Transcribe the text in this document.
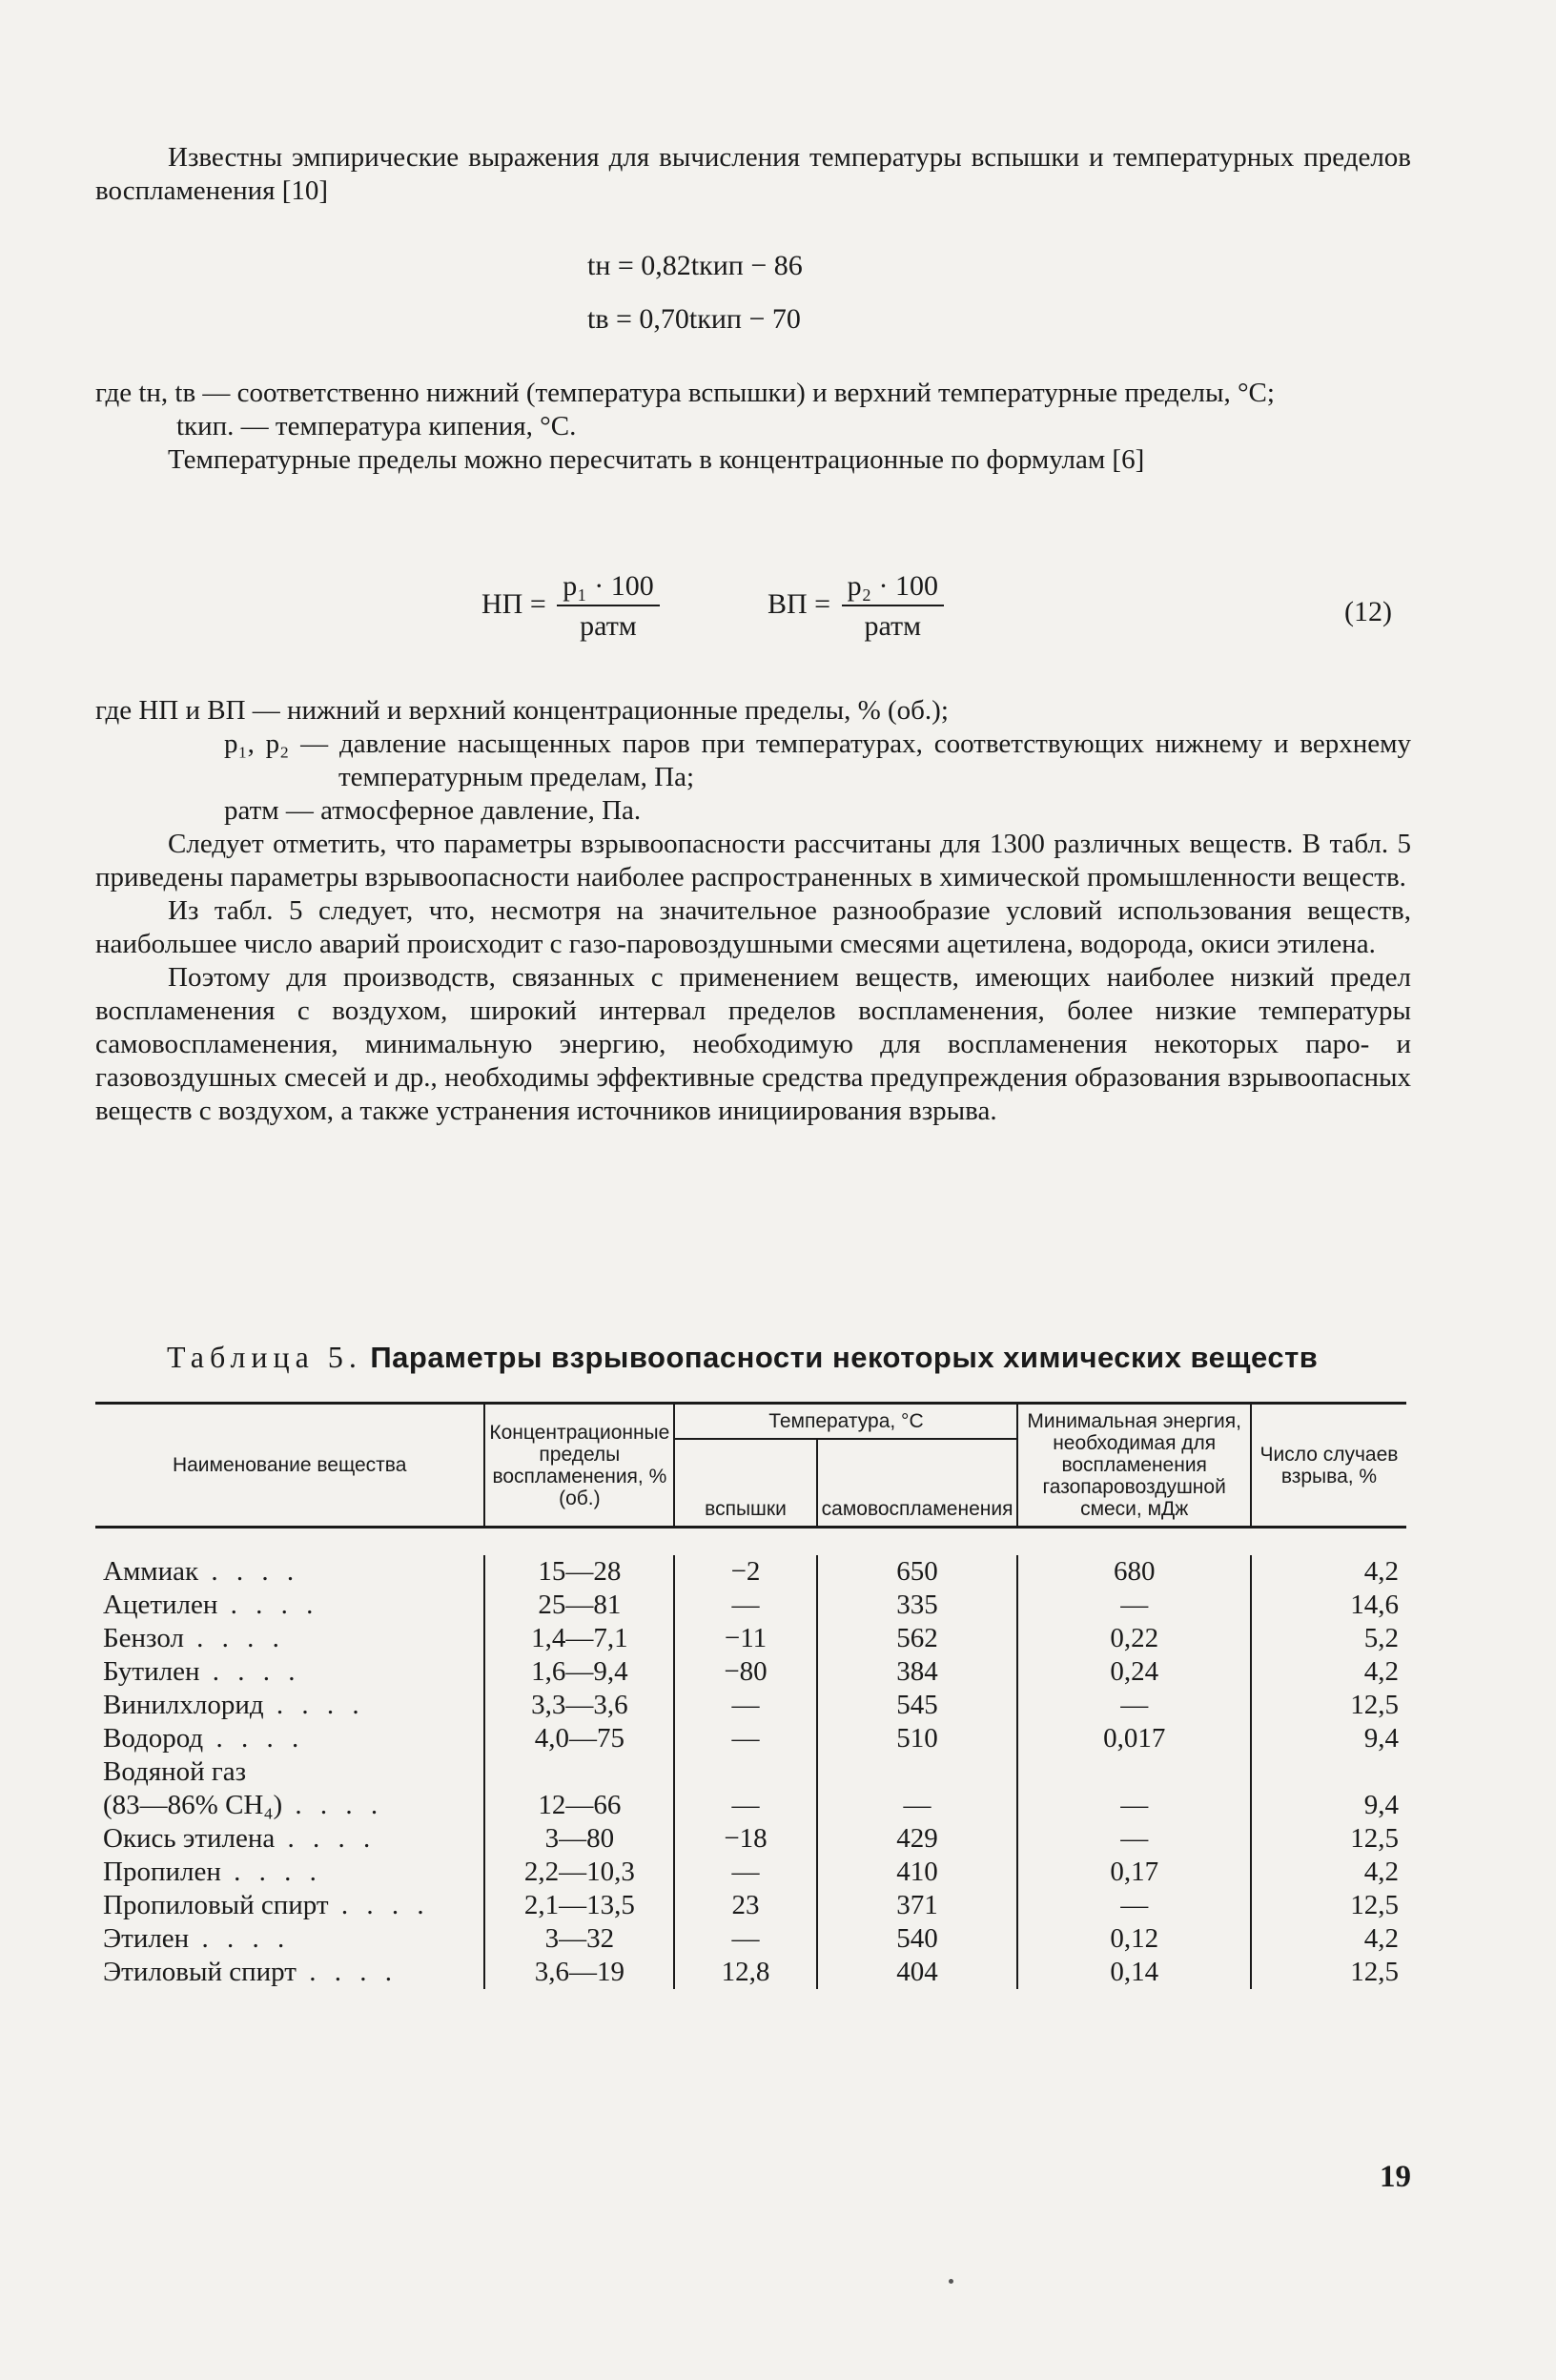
Известны эмпирические выражения для вычисления температуры вспышки и температурных пределов воспламенения [10]

tн = 0,82tкип − 86
tв = 0,70tкип − 70

где tн, tв — соответственно нижний (температура вспышки) и верхний температурные пределы, °С;

tкип. — температура кипения, °С.

Температурные пределы можно пересчитать в концентрационные по формулам [6]

НП = $\frac{\text{p₁ · 100}}{\text{pатм}}$	ВП = $\frac{\text{p₂ · 100}}{\text{pатм}}$	(12)

где НП и ВП — нижний и верхний концентрационные пределы, % (об.);

p₁, p₂ — давление насыщенных паров при температурах, соответствующих нижнему и верхнему температурным пределам, Па;

pатм — атмосферное давление, Па.

Следует отметить, что параметры взрывоопасности рассчитаны для 1300 различных веществ. В табл. 5 приведены параметры взрывоопасности наиболее распространенных в химической промышленности веществ.

Из табл. 5 следует, что, несмотря на значительное разнообразие условий использования веществ, наибольшее число аварий происходит с газо-паровоздушными смесями ацетилена, водорода, окиси этилена.

Поэтому для производств, связанных с применением веществ, имеющих наиболее низкий предел воспламенения с воздухом, широкий интервал пределов воспламенения, более низкие температуры самовоспламенения, минимальную энергию, необходимую для воспламенения некоторых паро- и газовоздушных смесей и др., необходимы эффективные средства предупреждения образования взрывоопасных веществ с воздухом, а также устранения источников инициирования взрыва.

Таблица 5. Параметры взрывоопасности некоторых химических веществ
Наименование вещества	Концентрационные пределы воспламенения, % (об.)	Температура, °С		Минимальная энергия, необходимая для воспламенения газопаровоздушной смеси, мДж	Число случаев взрыва, %
		вспышки	самовоспламенения		

Аммиак . . . .	15—28	−2	650	680	4,2
Ацетилен . . . .	25—81	—	335	—	14,6
Бензол . . . .	1,4—7,1	−11	562	0,22	5,2
Бутилен . . . .	1,6—9,4	−80	384	0,24	4,2
Винилхлорид . . . .	3,3—3,6	—	545	—	12,5
Водород . . . .	4,0—75	—	510	0,017	9,4
Водяной газ					
(83—86% CH₄) . . . .	12—66	—	—	—	9,4
Окись этилена . . . .	3—80	−18	429	—	12,5
Пропилен . . . .	2,2—10,3	—	410	0,17	4,2
Пропиловый спирт . . . .	2,1—13,5	23	371	—	12,5
Этилен . . . .	3—32	—	540	0,12	4,2
Этиловый спирт . . . .	3,6—19	12,8	404	0,14	12,5
19
